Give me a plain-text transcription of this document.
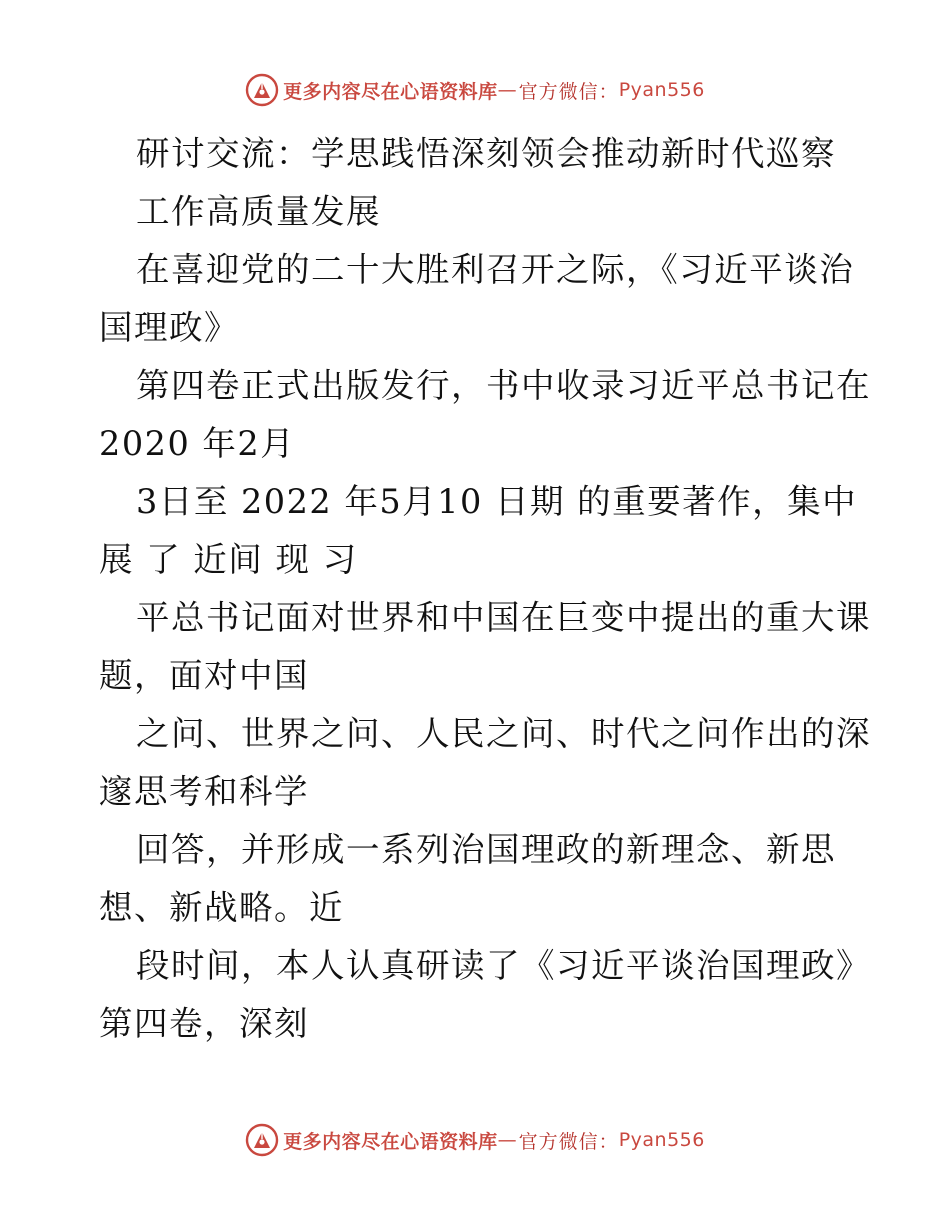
更多内容尽在心语资料库 — 官方微信： Pyan556

研讨交流：学思践悟深刻领会推动新时代巡察

工作高质量发展

在喜迎党的二十大胜利召开之际，《习近平谈治

国理政》

第四卷正式出版发行，书中收录习近平总书记在

2020 年2月

3日至 2022 年5月10 日期 的重要著作，集中

展 了 近间 现 习

平总书记面对世界和中国在巨变中提出的重大课

题，面对中国

之问、世界之问、人民之问、时代之问作出的深

邃思考和科学

回答，并形成一系列治国理政的新理念、新思

想、新战略。近

段时间，本人认真研读了《习近平谈治国理政》

第四卷，深刻

更多内容尽在心语资料库 — 官方微信： Pyan556
